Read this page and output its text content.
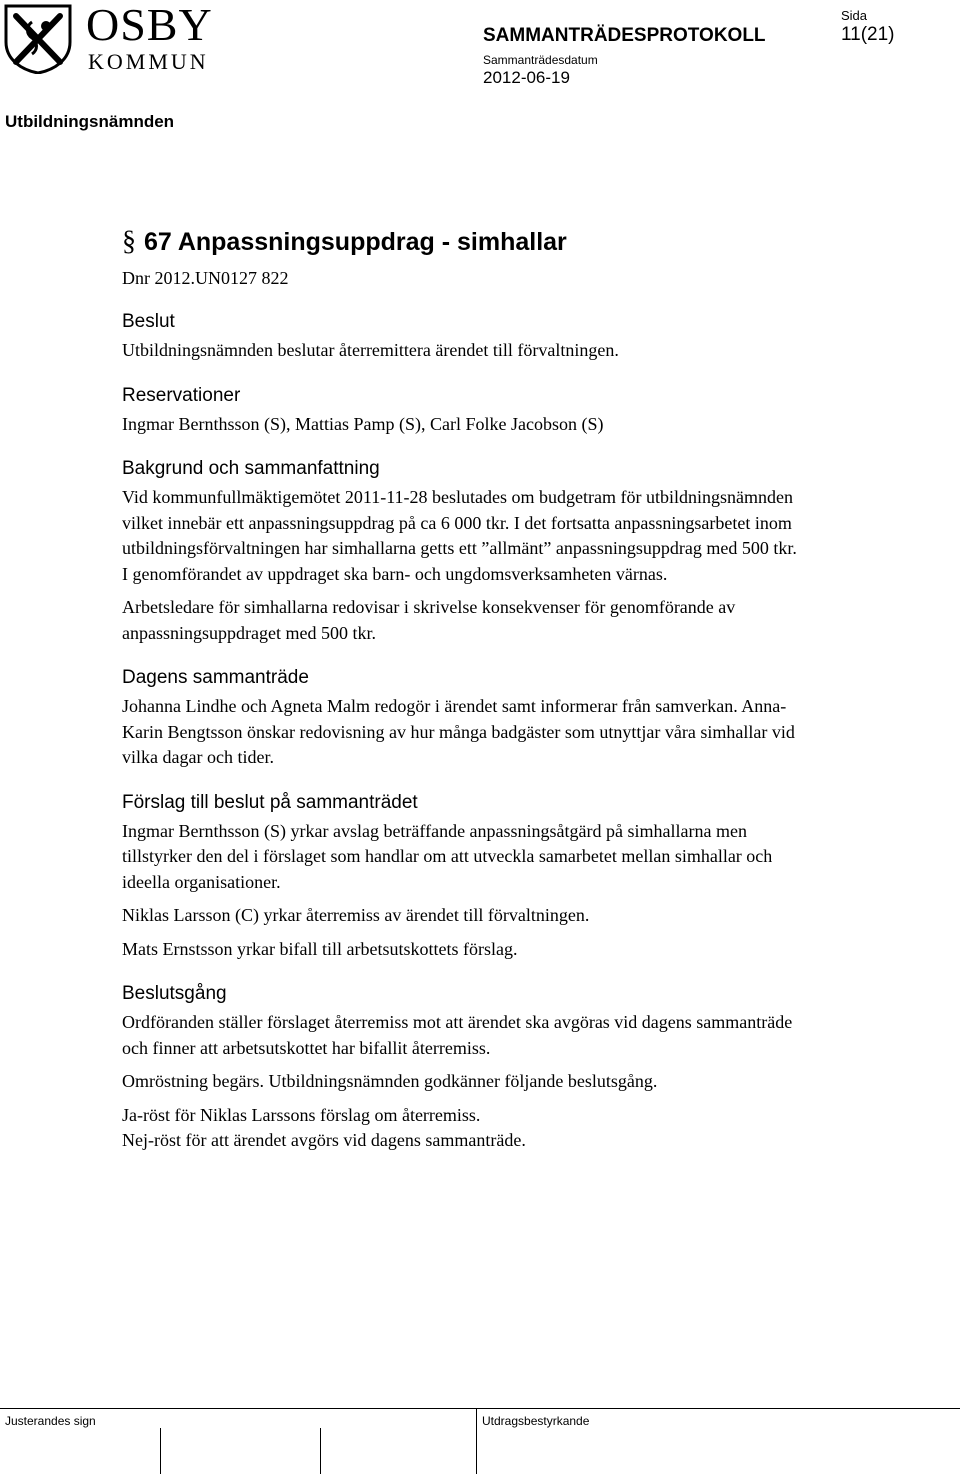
OSBY
KOMMUN
SAMMANTRÄDESPROTOKOLL
Sammanträdesdatum
2012-06-19
Sida
11(21)
Utbildningsnämnden
§ 67 Anpassningsuppdrag - simhallar
Dnr 2012.UN0127 822
Beslut

Utbildningsnämnden beslutar återremittera ärendet till förvaltningen.

Reservationer

Ingmar Bernthsson (S), Mattias Pamp (S), Carl Folke Jacobson (S)

Bakgrund och sammanfattning

Vid kommunfullmäktigemötet 2011-11-28 beslutades om budgetram för utbildningsnämnden vilket innebär ett anpassningsuppdrag på ca 6 000 tkr. I det fortsatta anpassningsarbetet inom utbildningsförvaltningen har simhallarna getts ett ”allmänt” anpassningsuppdrag med 500 tkr. I genomförandet av uppdraget ska barn- och ungdomsverksamheten värnas.

Arbetsledare för simhallarna redovisar i skrivelse konsekvenser för genomförande av anpassningsuppdraget med 500 tkr.

Dagens sammanträde

Johanna Lindhe och Agneta Malm redogör i ärendet samt informerar från samverkan. Anna-Karin Bengtsson önskar redovisning av hur många badgäster som utnyttjar våra simhallar vid vilka dagar och tider.

Förslag till beslut på sammanträdet

Ingmar Bernthsson (S) yrkar avslag beträffande anpassningsåtgärd på simhallarna men tillstyrker den del i förslaget som handlar om att utveckla samarbetet mellan simhallar och ideella organisationer.

Niklas Larsson (C) yrkar återremiss av ärendet till förvaltningen.

Mats Ernstsson yrkar bifall till arbetsutskottets förslag.

Beslutsgång

Ordföranden ställer förslaget återremiss mot att ärendet ska avgöras vid dagens sammanträde och finner att arbetsutskottet har bifallit återremiss.

Omröstning begärs. Utbildningsnämnden godkänner följande beslutsgång.

Ja-röst för Niklas Larssons förslag om återremiss.

Nej-röst för att ärendet avgörs vid dagens sammanträde.

Justerandes sign	Utdragsbestyrkande
